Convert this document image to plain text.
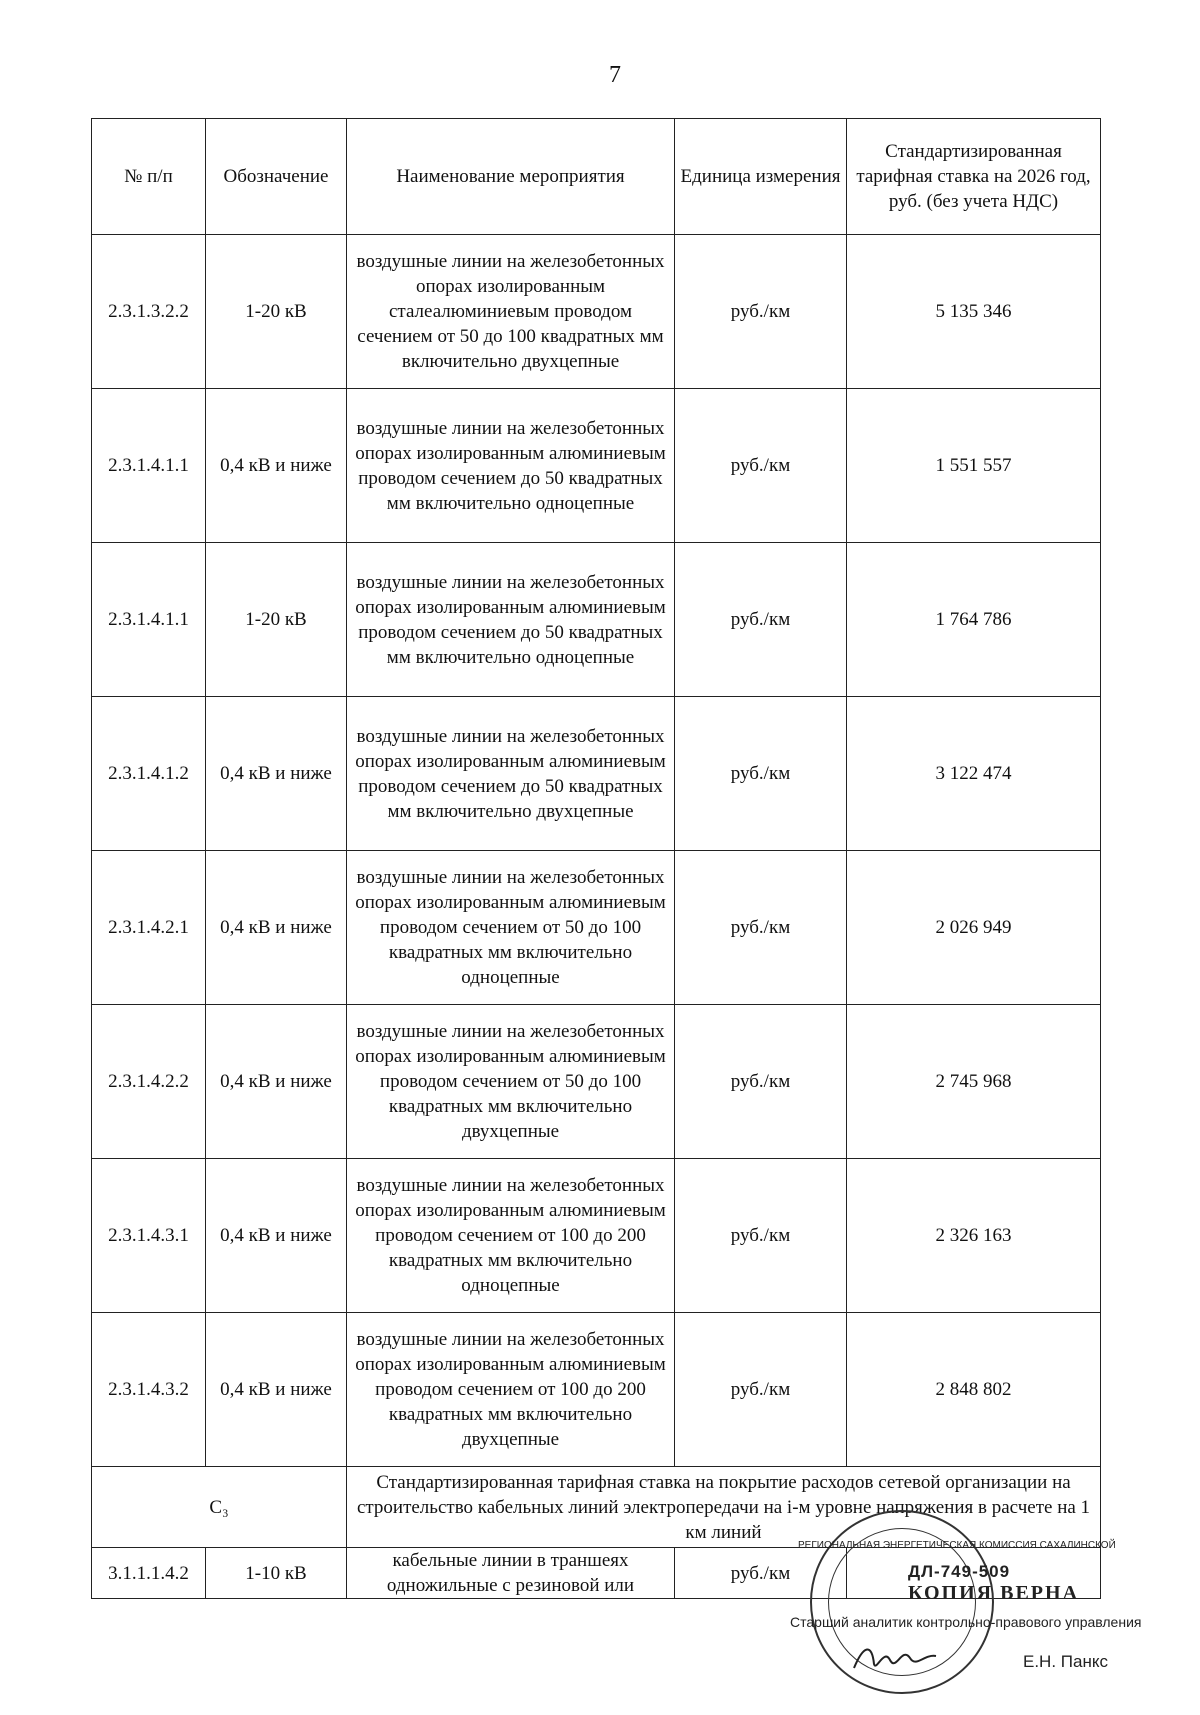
7
№ п/п	Обозначение	Наименование мероприятия	Единица измерения	Стандартизированная тарифная ставка на 2026 год, руб. (без учета НДС)
2.3.1.3.2.2	1-20 кВ	воздушные линии на железобетонных опорах изолированным сталеалюминиевым проводом сечением от 50 до 100 квадратных мм включительно двухцепные	руб./км	5 135 346
2.3.1.4.1.1	0,4 кВ и ниже	воздушные линии на железобетонных опорах изолированным алюминиевым проводом сечением до 50 квадратных мм включительно одноцепные	руб./км	1 551 557
2.3.1.4.1.1	1-20 кВ	воздушные линии на железобетонных опорах изолированным алюминиевым проводом сечением до 50 квадратных мм включительно одноцепные	руб./км	1 764 786
2.3.1.4.1.2	0,4 кВ и ниже	воздушные линии на железобетонных опорах изолированным алюминиевым проводом сечением до 50 квадратных мм включительно двухцепные	руб./км	3 122 474
2.3.1.4.2.1	0,4 кВ и ниже	воздушные линии на железобетонных опорах изолированным алюминиевым проводом сечением от 50 до 100 квадратных мм включительно одноцепные	руб./км	2 026 949
2.3.1.4.2.2	0,4 кВ и ниже	воздушные линии на железобетонных опорах изолированным алюминиевым проводом сечением от 50 до 100 квадратных мм включительно двухцепные	руб./км	2 745 968
2.3.1.4.3.1	0,4 кВ и ниже	воздушные линии на железобетонных опорах изолированным алюминиевым проводом сечением от 100 до 200 квадратных мм включительно одноцепные	руб./км	2 326 163
2.3.1.4.3.2	0,4 кВ и ниже	воздушные линии на железобетонных опорах изолированным алюминиевым проводом сечением от 100 до 200 квадратных мм включительно двухцепные	руб./км	2 848 802
С₃		Стандартизированная тарифная ставка на покрытие расходов сетевой организации на строительство кабельных линий электропередачи на i-м уровне напряжения в расчете на 1 км линий		
3.1.1.1.4.2	1-10 кВ	кабельные линии в траншеях одножильные с резиновой или	руб./км	
РЕГИОНАЛЬНАЯ ЭНЕРГЕТИЧЕСКАЯ КОМИССИЯ САХАЛИНСКОЙ
ДЛ-749-509
КОПИЯ ВЕРНА
Старший аналитик контрольно-правового управления
Е.Н. Панкс
